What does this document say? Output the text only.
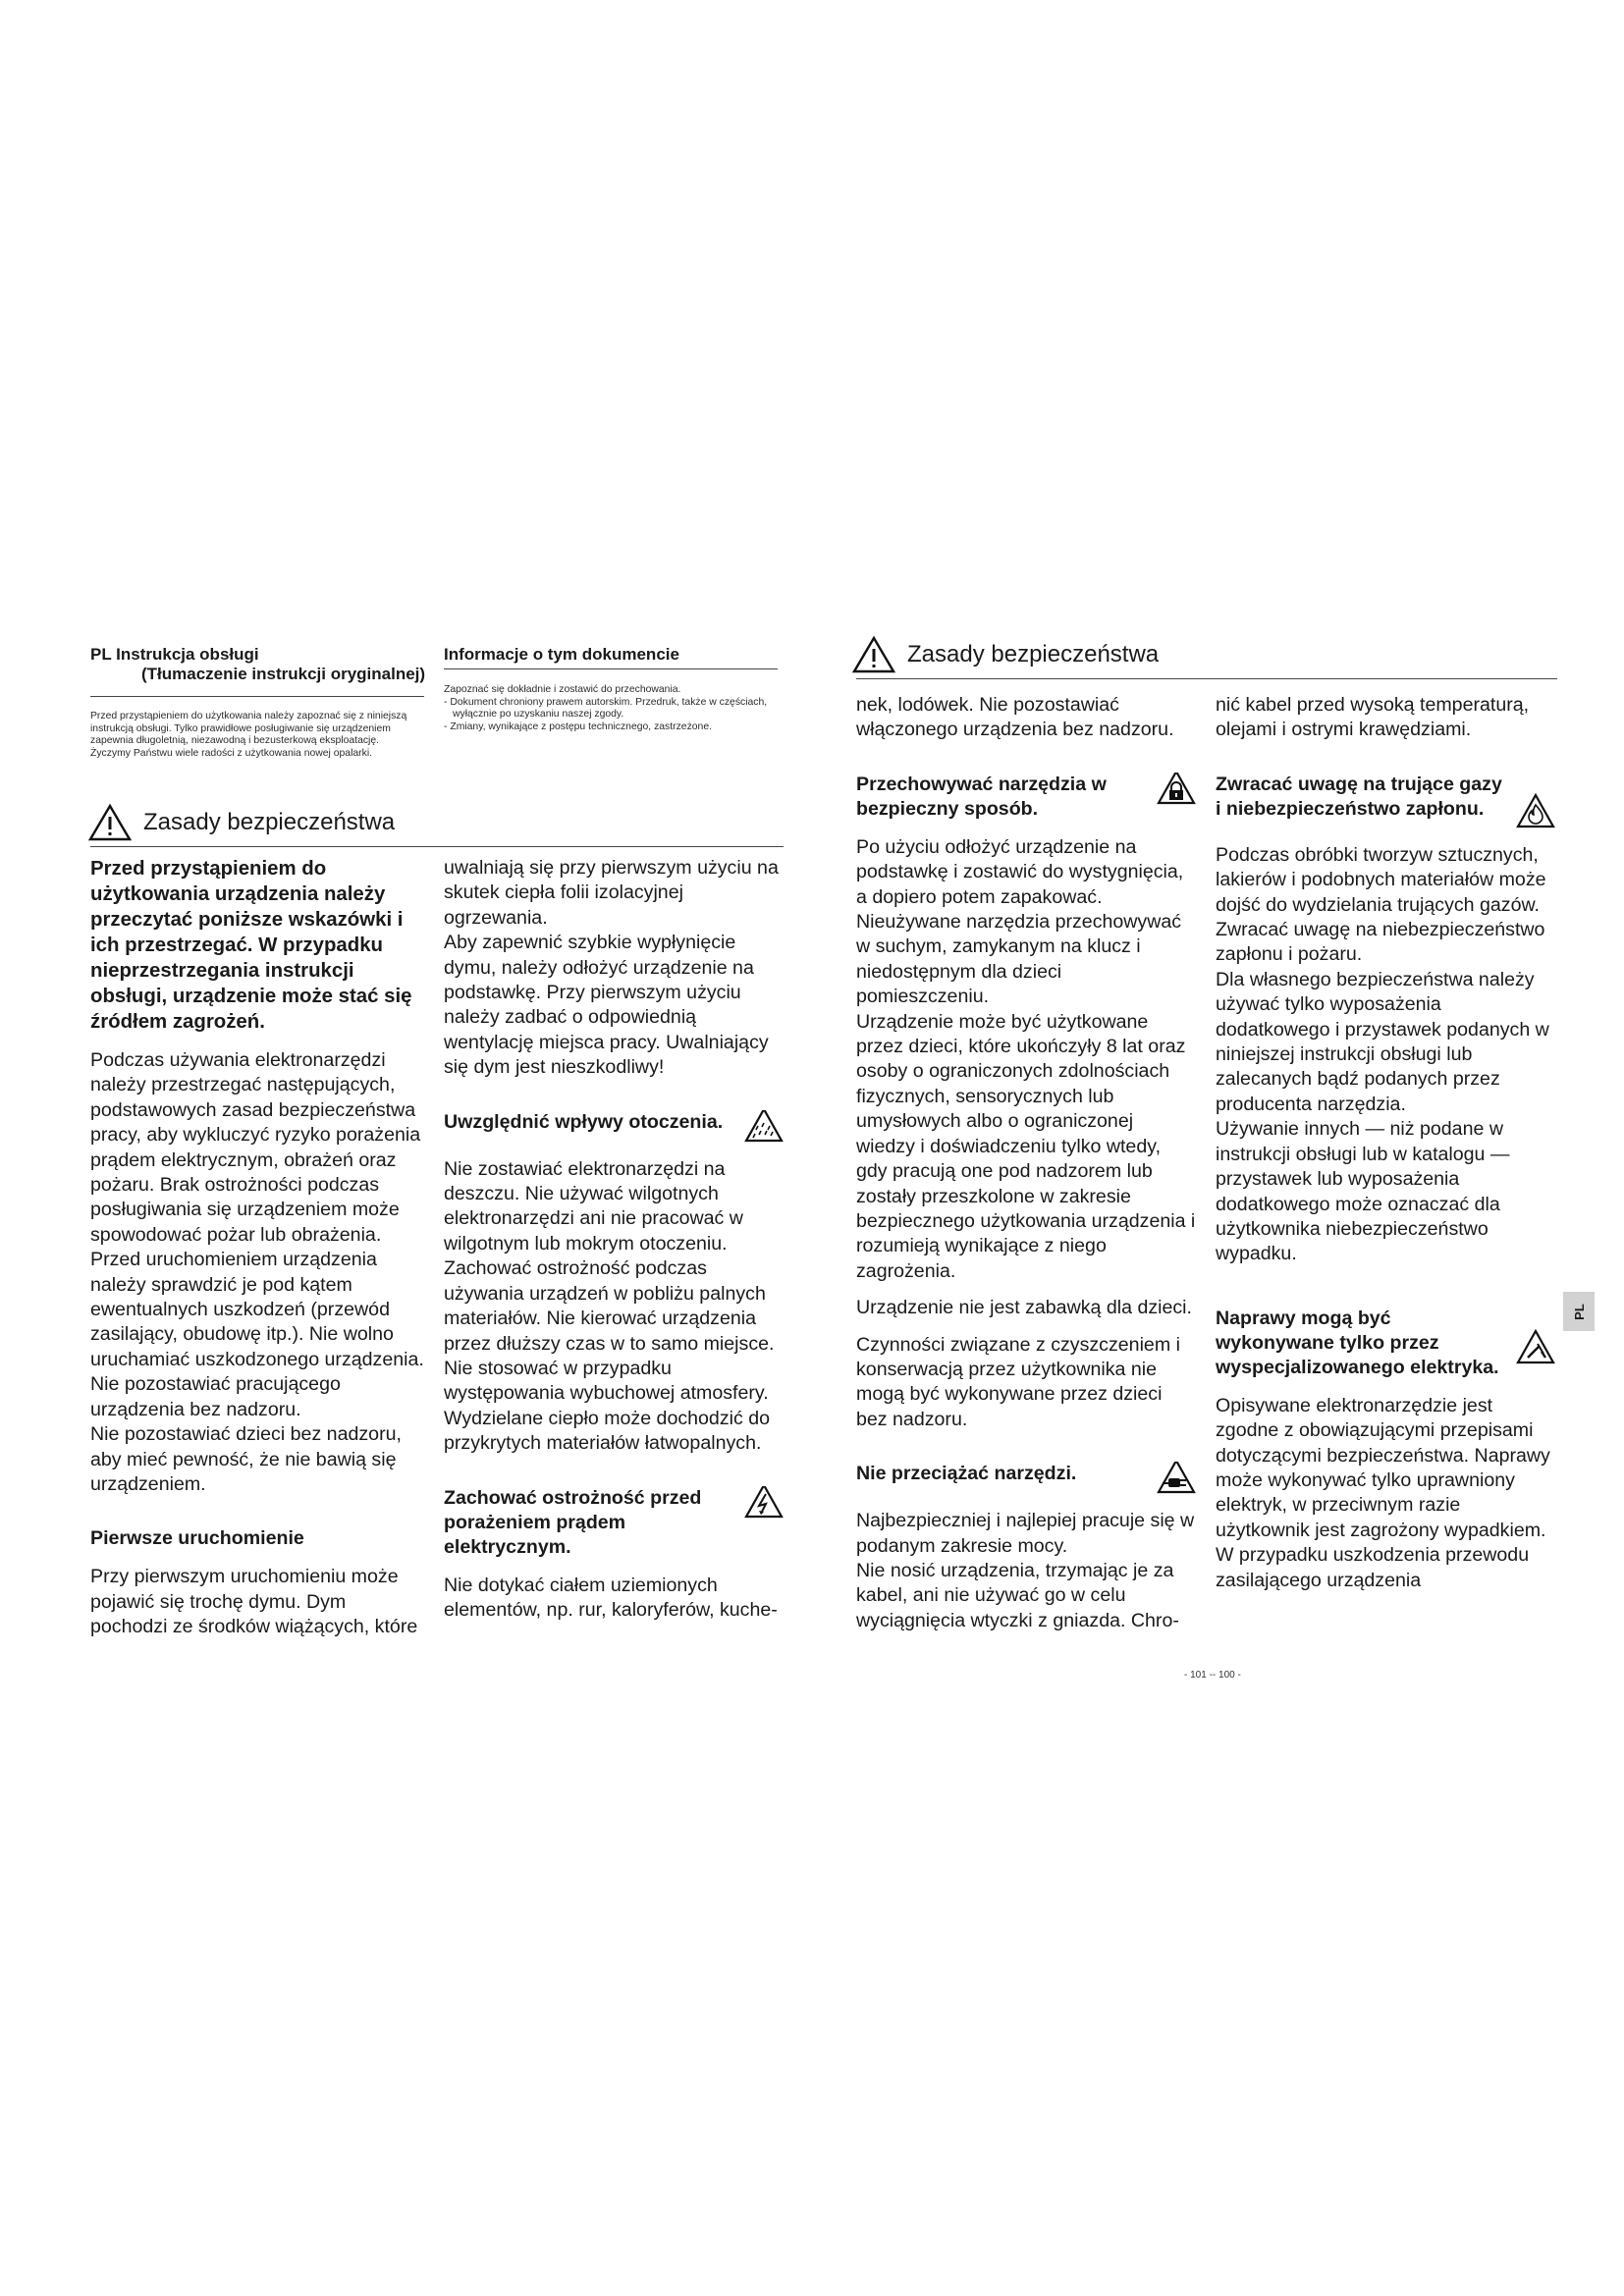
PL Instrukcja obsługi
(Tłumaczenie instrukcji oryginalnej)
Informacje o tym dokumencie

Przed przystąpieniem do użytkowania należy zapoznać się z niniejszą instrukcją obsługi. Tylko prawidłowe posługiwanie się urządzeniem zapewnia długoletnią, niezawodną i bezusterkową eksploatację.

Życzymy Państwu wiele radości z użytkowania nowej opalarki.

Zapoznać się dokładnie i zostawić do przechowania.

- Dokument chroniony prawem autorskim. Przedruk, także w częściach, wyłącznie po uzyskaniu naszej zgody.
- Zmiany, wynikające z postępu technicznego, zastrzeżone.
Zasady bezpieczeństwa

Przed przystąpieniem do użytkowania urządzenia należy przeczytać poniższe wskazówki i ich przestrzegać. W przypadku nieprzestrzegania instrukcji obsługi, urządzenie może stać się źródłem zagrożeń.

Podczas używania elektronarzędzi należy przestrzegać następujących, podstawowych zasad bezpieczeństwa pracy, aby wykluczyć ryzyko porażenia prądem elektrycznym, obrażeń oraz pożaru. Brak ostrożności podczas posługiwania się urządzeniem może spowodować pożar lub obrażenia.

Przed uruchomieniem urządzenia należy sprawdzić je pod kątem ewentualnych uszkodzeń (przewód zasilający, obudowę itp.). Nie wolno uruchamiać uszkodzonego urządzenia.

Nie pozostawiać pracującego urządzenia bez nadzoru.

Nie pozostawiać dzieci bez nadzoru, aby mieć pewność, że nie bawią się urządzeniem.

Pierwsze uruchomienie

Przy pierwszym uruchomieniu może pojawić się trochę dymu. Dym pochodzi ze środków wiążących, które

uwalniają się przy pierwszym użyciu na skutek ciepła folii izolacyjnej ogrzewania.

Aby zapewnić szybkie wypłynięcie dymu, należy odłożyć urządzenie na podstawkę. Przy pierwszym użyciu należy zadbać o odpowiednią wentylację miejsca pracy. Uwalniający się dym jest nieszkodliwy!

Uwzględnić wpływy otoczenia.

Nie zostawiać elektronarzędzi na deszczu. Nie używać wilgotnych elektronarzędzi ani nie pracować w wilgotnym lub mokrym otoczeniu. Zachować ostrożność podczas używania urządzeń w pobliżu palnych materiałów. Nie kierować urządzenia przez dłuższy czas w to samo miejsce. Nie stosować w przypadku występowania wybuchowej atmosfery. Wydzielane ciepło może dochodzić do przykrytych materiałów łatwopalnych.

Zachować ostrożność przed porażeniem prądem elektrycznym.

Nie dotykać ciałem uziemionych elementów, np. rur, kaloryferów, kuche-

Zasady bezpieczeństwa

nek, lodówek. Nie pozostawiać włączonego urządzenia bez nadzoru.

Przechowywać narzędzia w bezpieczny sposób.

Po użyciu odłożyć urządzenie na podstawkę i zostawić do wystygnięcia, a dopiero potem zapakować. Nieużywane narzędzia przechowywać w suchym, zamykanym na klucz i niedostępnym dla dzieci pomieszczeniu.

Urządzenie może być użytkowane przez dzieci, które ukończyły 8 lat oraz osoby o ograniczonych zdolnościach fizycznych, sensorycznych lub umysłowych albo o ograniczonej wiedzy i doświadczeniu tylko wtedy, gdy pracują one pod nadzorem lub zostały przeszkolone w zakresie bezpiecznego użytkowania urządzenia i rozumieją wynikające z niego zagrożenia.

Urządzenie nie jest zabawką dla dzieci.

Czynności związane z czyszczeniem i konserwacją przez użytkownika nie mogą być wykonywane przez dzieci bez nadzoru.

Nie przeciążać narzędzi.

Najbezpieczniej i najlepiej pracuje się w podanym zakresie mocy.

Nie nosić urządzenia, trzymając je za kabel, ani nie używać go w celu wyciągnięcia wtyczki z gniazda. Chro-

nić kabel przed wysoką temperaturą, olejami i ostrymi krawędziami.

Zwracać uwagę na trujące gazy i niebezpieczeństwo zapłonu.

Podczas obróbki tworzyw sztucznych, lakierów i podobnych materiałów może dojść do wydzielania trujących gazów.

Zwracać uwagę na niebezpieczeństwo zapłonu i pożaru.

Dla własnego bezpieczeństwa należy używać tylko wyposażenia dodatkowego i przystawek podanych w niniejszej instrukcji obsługi lub zalecanych bądź podanych przez producenta narzędzia.

Używanie innych — niż podane w instrukcji obsługi lub w katalogu — przystawek lub wyposażenia dodatkowego może oznaczać dla użytkownika niebezpieczeństwo wypadku.

Naprawy mogą być wykonywane tylko przez wyspecjalizowanego elektryka.

Opisywane elektronarzędzie jest zgodne z obowiązującymi przepisami dotyczącymi bezpieczeństwa. Naprawy może wykonywać tylko uprawniony elektryk, w przeciwnym razie użytkownik jest zagrożony wypadkiem. W przypadku uszkodzenia przewodu zasilającego urządzenia

PL
- 101 -- 100 -
